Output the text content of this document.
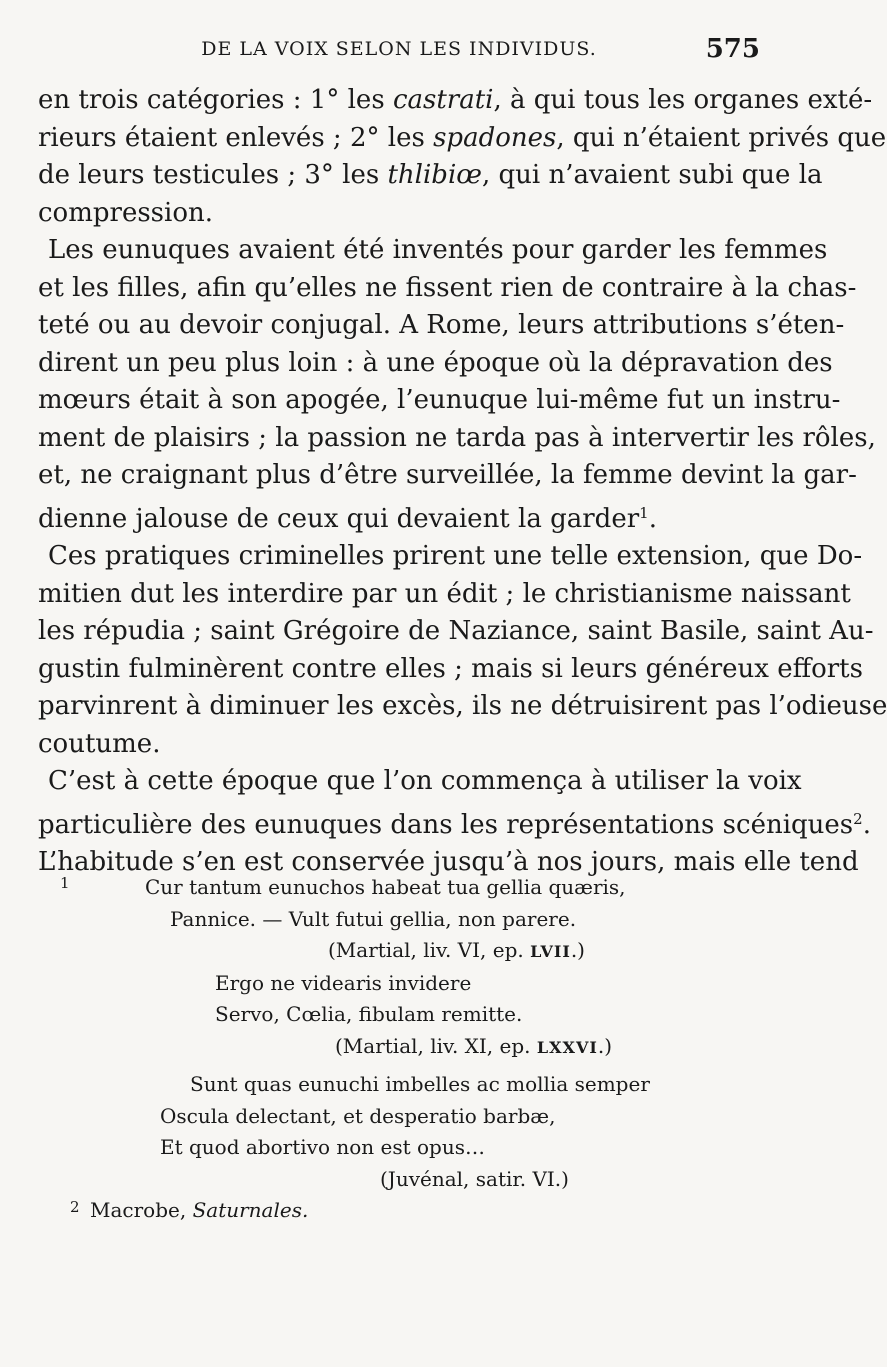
DE LA VOIX SELON LES INDIVIDUS.	575
en trois catégories : 1° les castrati, à qui tous les organes exté-
rieurs étaient enlevés ; 2° les spadones, qui n’étaient privés que
de leurs testicules ; 3° les thlibiœ, qui n’avaient subi que la
compression.
Les eunuques avaient été inventés pour garder les femmes
et les filles, afin qu’elles ne fissent rien de contraire à la chas-
teté ou au devoir conjugal. A Rome, leurs attributions s’éten-
dirent un peu plus loin : à une époque où la dépravation des
mœurs était à son apogée, l’eunuque lui-même fut un instru-
ment de plaisirs ; la passion ne tarda pas à intervertir les rôles,
et, ne craignant plus d’être surveillée, la femme devint la gar-
dienne jalouse de ceux qui devaient la garder$^1$.
Ces pratiques criminelles prirent une telle extension, que Do-
mitien dut les interdire par un édit ; le christianisme naissant
les répudia ; saint Grégoire de Naziance, saint Basile, saint Au-
gustin fulminèrent contre elles ; mais si leurs généreux efforts
parvinrent à diminuer les excès, ils ne détruisirent pas l’odieuse
coutume.
C’est à cette époque que l’on commença à utiliser la voix
particulière des eunuques dans les représentations scéniques$^2$.
L’habitude s’en est conservée jusqu’à nos jours, mais elle tend
1	Cur tantum eunuchos habeat tua gellia quæris,
Pannice. — Vult futui gellia, non parere.
(Martial, liv. VI, ep. LVII.)
Ergo ne videaris invidere
Servo, Cœlia, fibulam remitte.
(Martial, liv. XI, ep. LXXVI.)
Sunt quas eunuchi imbelles ac mollia semper
Oscula delectant, et desperatio barbæ,
Et quod abortivo non est opus…
(Juvénal, satir. VI.)
2 Macrobe, Saturnales.
